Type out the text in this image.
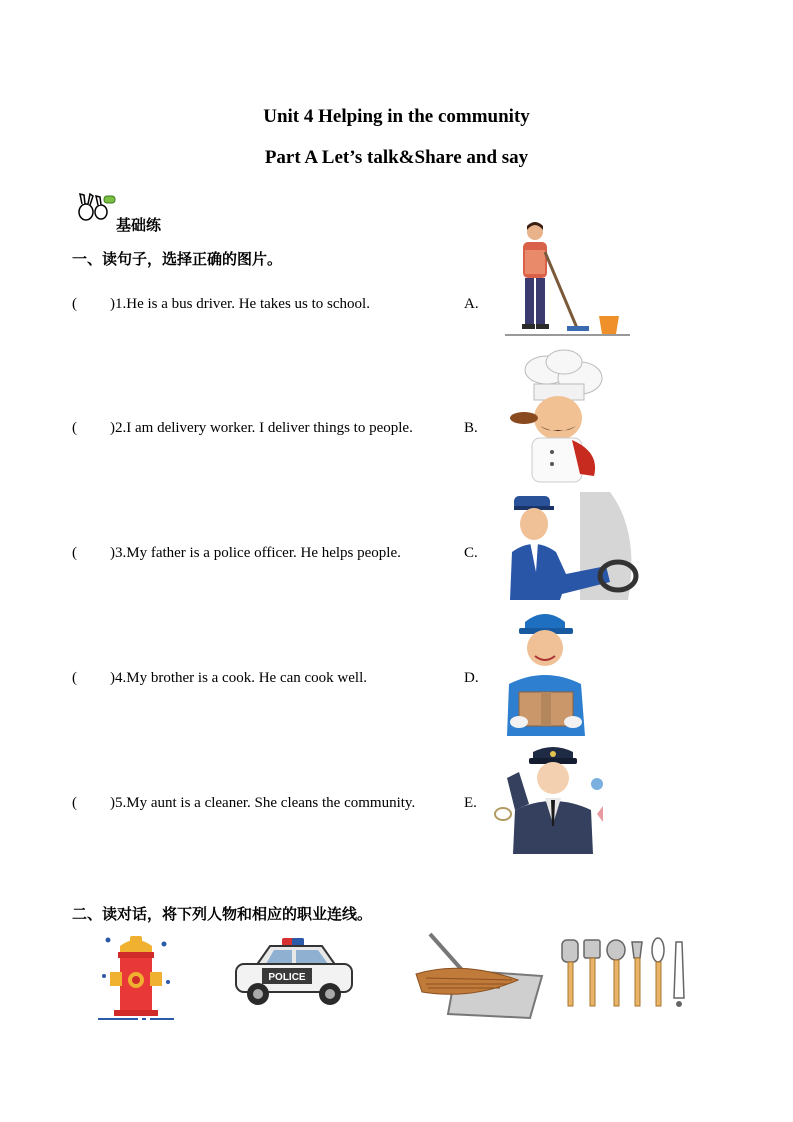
Unit 4 Helping in the community
Part A Let’s talk&Share and say
基础练
一、读句子，选择正确的图片。
( )1.He is a bus driver. He takes us to school.	A.
( )2.I am delivery worker. I deliver things to people.	B.
( )3.My father is a police officer. He helps people.	C.
( )4.My brother is a cook. He can cook well.	D.
( )5.My aunt is a cleaner. She cleans the community.	E.
二、读对话，将下列人物和相应的职业连线。
POLICE
